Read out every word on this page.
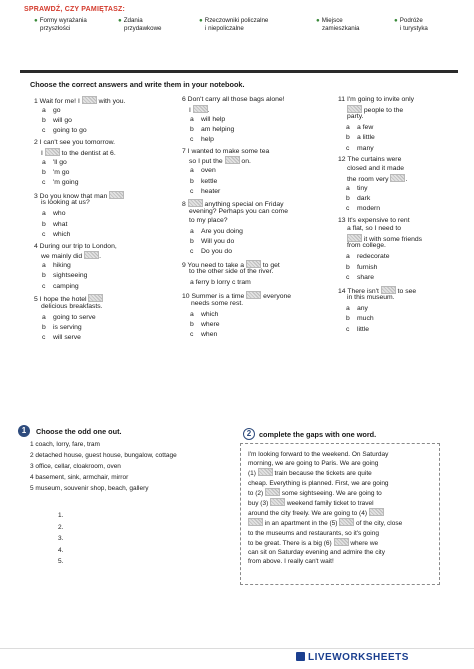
SPRAWDŹ, CZY PAMIĘTASZ:
● Formy wyrażania
przyszłości
● Zdania
przydawkowe
● Rzeczowniki policzalne
i niepoliczalne
● Miejsce
zamieszkania
● Podróże
i turystyka
Choose the correct answers and write them in your notebook.
1 Wait for me! I  with you.
a go
b will go
c going to go
2 I can't see you tomorrow.
I  to the dentist at 6.
a 'll go
b 'm go
c 'm going
3 Do you know that man
is looking at us?
a who
b what
c which
4 During our trip to London,
we mainly did .
a hiking
b sightseeing
c camping
5 I hope the hotel
delicious breakfasts.
a going to serve
b is serving
c will serve
6 Don't carry all those bags alone!
I .
a will help
b am helping
c help
7 I wanted to make some tea
so I put the  on.
a oven
b kettle
c heater
8  anything special on Friday
evening? Perhaps you can come
to my place?
a Are you doing
b Will you do
c Do you do
9 You need to take a  to get
to the other side of the river.
a ferry b lorry c tram
10 Summer is a time  everyone
needs some rest.
a which
b where
c when
11 I'm going to invite only
people to the
party.
a a few
b a little
c many
12 The curtains were
closed and it made
the room very .
a tiny
b dark
c modern
13 It's expensive to rent
a flat, so I need to
it with some friends
from college.
a redecorate
b furnish
c share
14 There isn't  to see
in this museum.
a any
b much
c little
1	Choose the odd one out.
1 coach, lorry, fare, tram
2 detached house, guest house, bungalow, cottage
3 office, cellar, cloakroom, oven
4 basement, sink, armchair, mirror
5 museum, souvenir shop, beach, gallery
1.
2.
3.
4.
5.
2	complete the gaps with one word.
I'm looking forward to the weekend. On Saturday
morning, we are going to Paris. We are going
(1)  train because the tickets are quite
cheap. Everything is planned. First, we are going
to (2)  some sightseeing. We are going to
buy (3)  weekend family ticket to travel
around the city freely. We are going to (4)
in an apartment in the (5)  of the city, close
to the museums and restaurants, so it's going
to be great. There is a big (6)  where we
can sit on Saturday evening and admire the city
from above. I really can't wait!
LIVEWORKSHEETS
